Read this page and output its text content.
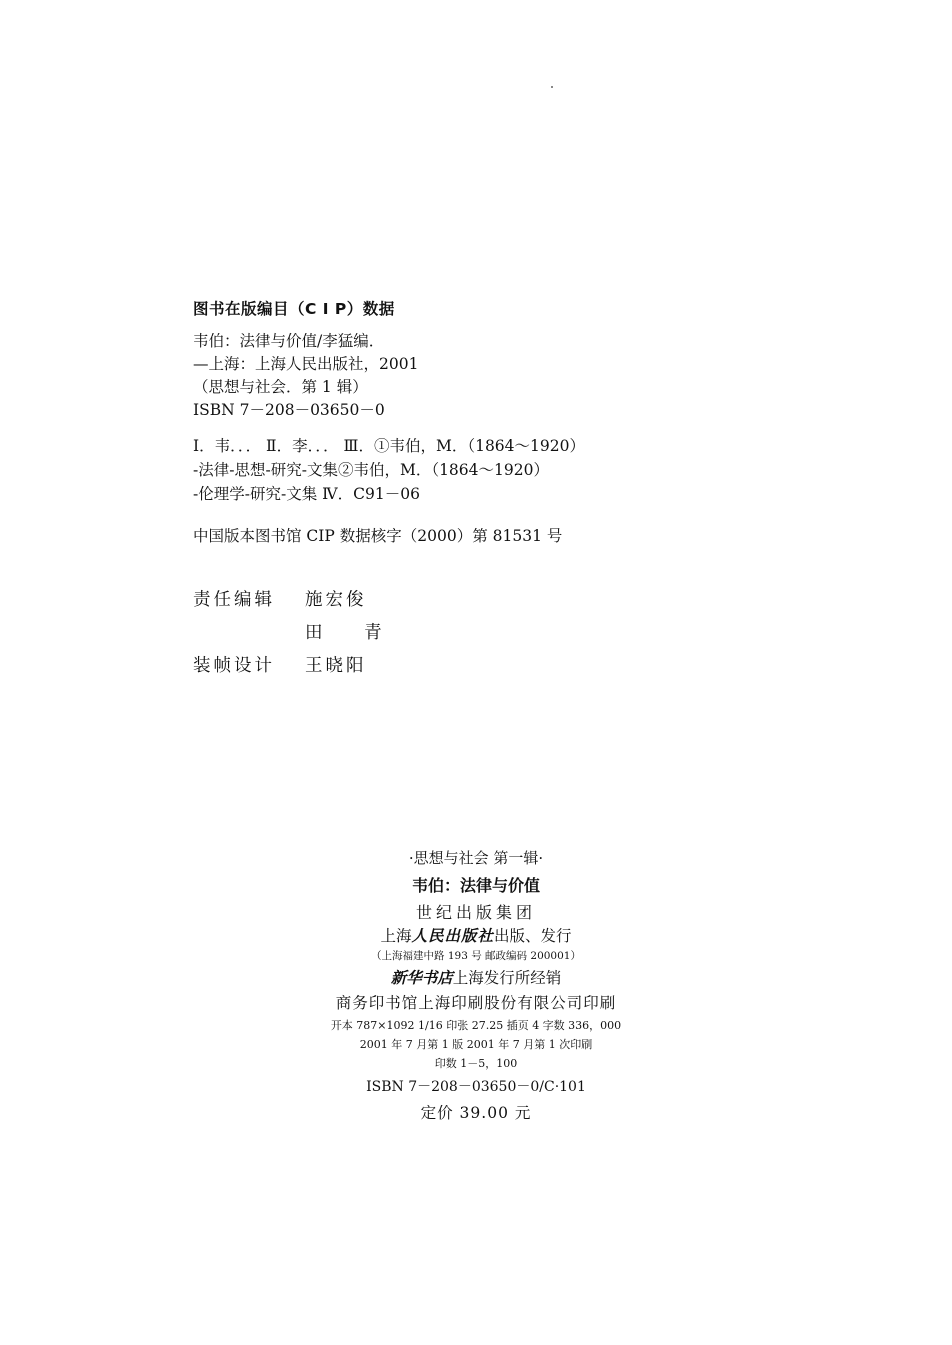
图书在版编目（C I P）数据
韦伯：法律与价值/李猛编．
—上海：上海人民出版社，2001
（思想与社会．第 1 辑）
ISBN 7－208－03650－0
Ⅰ．韦．．． Ⅱ．李．．． Ⅲ．①韦伯，M．（1864～1920）
-法律-思想-研究-文集②韦伯，M．（1864～1920）
-伦理学-研究-文集 Ⅳ．C91－06
中国版本图书馆 CIP 数据核字（2000）第 81531 号
责任编辑 施宏俊
田 青
装帧设计 王晓阳
·思想与社会 第一辑·
韦伯：法律与价值
世纪出版集团
上海人民出版社出版、发行
（上海福建中路 193 号 邮政编码 200001）
新华书店上海发行所经销
商务印书馆上海印刷股份有限公司印刷
开本 787×1092 1/16 印张 27.25 插页 4 字数 336，000
2001 年 7 月第 1 版 2001 年 7 月第 1 次印刷
印数 1－5，100
ISBN 7－208－03650－0/C·101
定价 39.00 元
